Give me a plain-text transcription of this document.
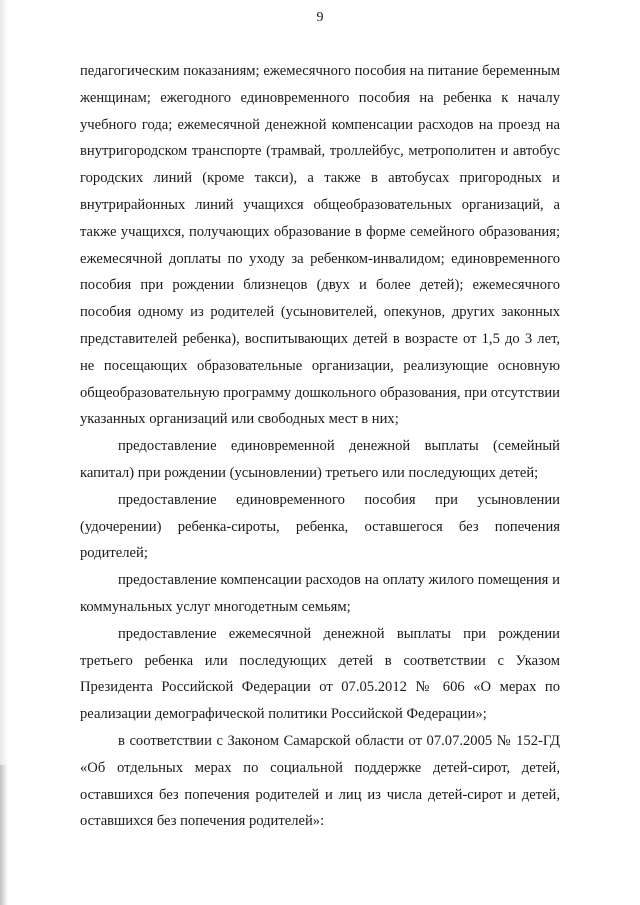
9

педагогическим показаниям; ежемесячного пособия на питание беременным женщинам; ежегодного единовременного пособия на ребенка к началу учебного года; ежемесячной денежной компенсации расходов на проезд на внутригородском транспорте (трамвай, троллейбус, метрополитен и автобус городских линий (кроме такси), а также в автобусах пригородных и внутрирайонных линий учащихся общеобразовательных организаций, а также учащихся, получающих образование в форме семейного образования; ежемесячной доплаты по уходу за ребенком-инвалидом; единовременного пособия при рождении близнецов (двух и более детей); ежемесячного пособия одному из родителей (усыновителей, опекунов, других законных представителей ребенка), воспитывающих детей в возрасте от 1,5 до 3 лет, не посещающих образовательные организации, реализующие основную общеобразовательную программу дошкольного образования, при отсутствии указанных организаций или свободных мест в них;

предоставление единовременной денежной выплаты (семейный капитал) при рождении (усыновлении) третьего или последующих детей;

предоставление единовременного пособия при усыновлении (удочерении) ребенка-сироты, ребенка, оставшегося без попечения родителей;

предоставление компенсации расходов на оплату жилого помещения и коммунальных услуг многодетным семьям;

предоставление ежемесячной денежной выплаты при рождении третьего ребенка или последующих детей в соответствии с Указом Президента Российской Федерации от 07.05.2012 № 606 «О мерах по реализации демографической политики Российской Федерации»;

в соответствии с Законом Самарской области от 07.07.2005 № 152-ГД «Об отдельных мерах по социальной поддержке детей-сирот, детей, оставшихся без попечения родителей и лиц из числа детей-сирот и детей, оставшихся без попечения родителей»:
